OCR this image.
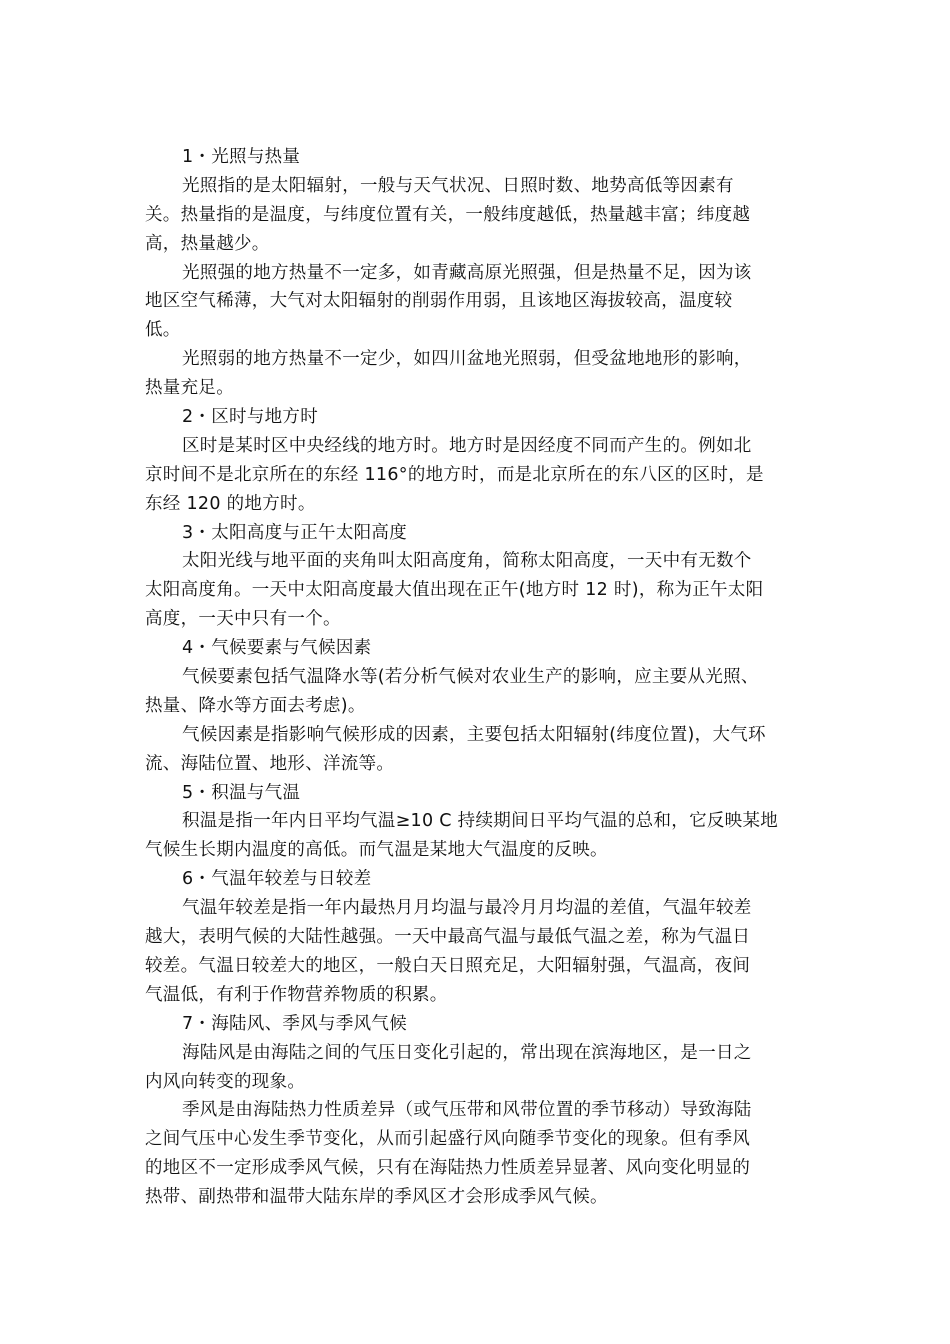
1・光照与热量
光照指的是太阳辐射，一般与天气状况、日照时数、地势高低等因素有
关。热量指的是温度，与纬度位置有关，一般纬度越低，热量越丰富；纬度越
高，热量越少。
光照强的地方热量不一定多，如青藏高原光照强，但是热量不足，因为该
地区空气稀薄，大气对太阳辐射的削弱作用弱，且该地区海拔较高，温度较
低。
光照弱的地方热量不一定少，如四川盆地光照弱，但受盆地地形的影响，
热量充足。
2・区时与地方时
区时是某时区中央经线的地方时。地方时是因经度不同而产生的。例如北
京时间不是北京所在的东经 116°的地方时，而是北京所在的东八区的区时，是
东经 120 的地方时。
3・太阳高度与正午太阳高度
太阳光线与地平面的夹角叫太阳高度角，简称太阳高度，一天中有无数个
太阳高度角。一天中太阳高度最大值出现在正午(地方时 12 时)，称为正午太阳
高度，一天中只有一个。
4・气候要素与气候因素
气候要素包括气温降水等(若分析气候对农业生产的影响，应主要从光照、
热量、降水等方面去考虑)。
气候因素是指影响气候形成的因素，主要包括太阳辐射(纬度位置)，大气环
流、海陆位置、地形、洋流等。
5・积温与气温
积温是指一年内日平均气温≥10 C 持续期间日平均气温的总和，它反映某地
气候生长期内温度的高低。而气温是某地大气温度的反映。
6・气温年较差与日较差
气温年较差是指一年内最热月月均温与最冷月月均温的差值，气温年较差
越大，表明气候的大陆性越强。一天中最高气温与最低气温之差，称为气温日
较差。气温日较差大的地区，一般白天日照充足，大阳辐射强，气温高，夜间
气温低，有利于作物营养物质的积累。
7・海陆风、季风与季风气候
海陆风是由海陆之间的气压日变化引起的，常出现在滨海地区，是一日之
内风向转变的现象。
季风是由海陆热力性质差异（或气压带和风带位置的季节移动）导致海陆
之间气压中心发生季节变化，从而引起盛行风向随季节变化的现象。但有季风
的地区不一定形成季风气候，只有在海陆热力性质差异显著、风向变化明显的
热带、副热带和温带大陆东岸的季风区才会形成季风气候。
